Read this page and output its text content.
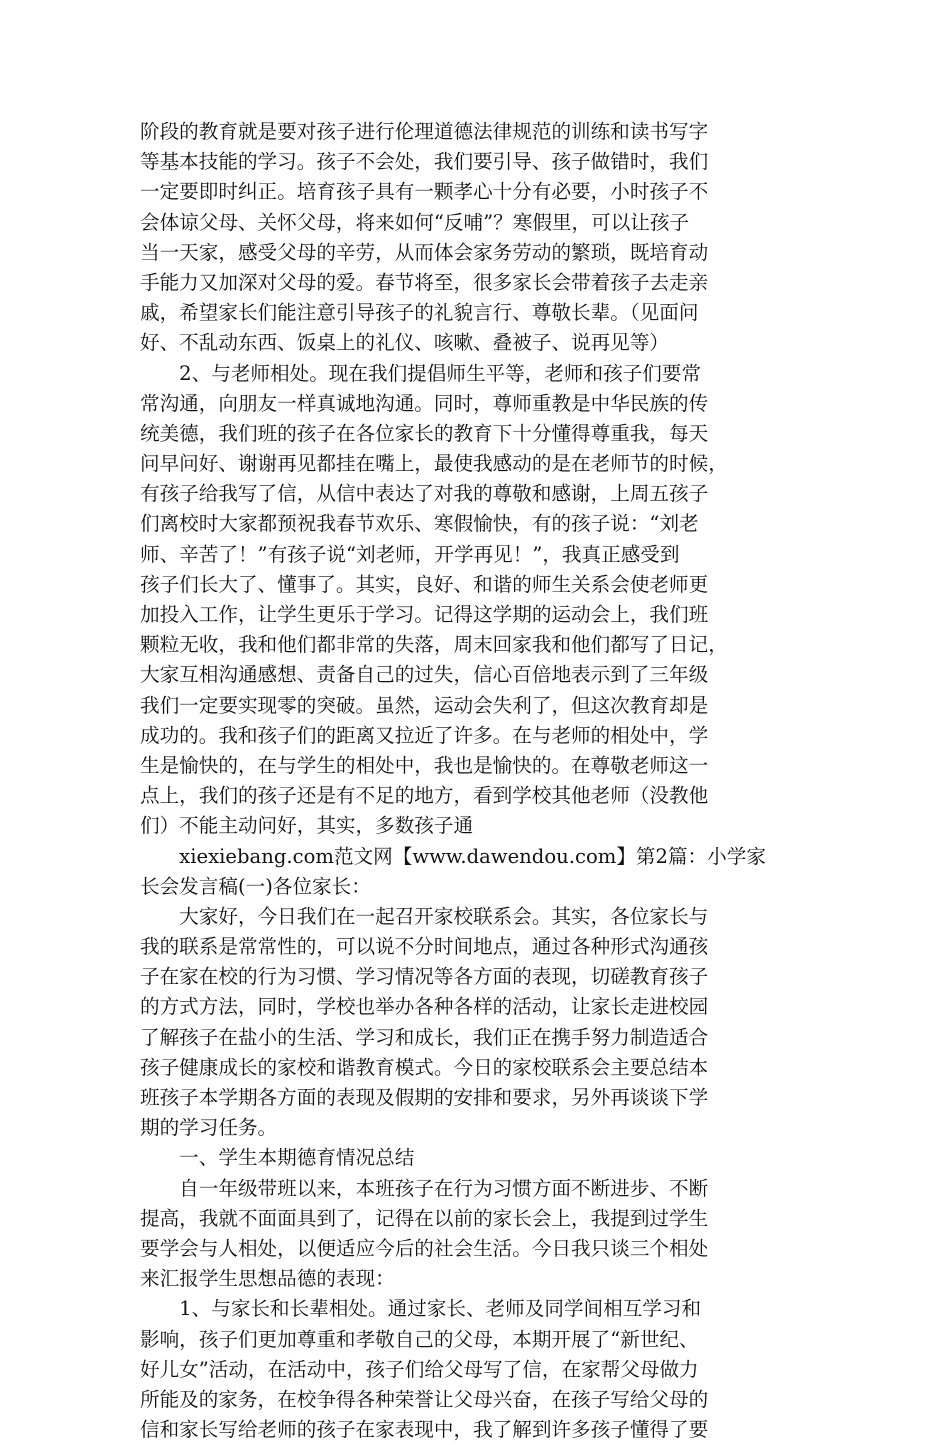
阶段的教育就是要对孩子进行伦理道德法律规范的训练和读书写字
等基本技能的学习。孩子不会处，我们要引导、孩子做错时，我们
一定要即时纠正。培育孩子具有一颗孝心十分有必要，小时孩子不
会体谅父母、关怀父母，将来如何“反哺”？寒假里，可以让孩子
当一天家，感受父母的辛劳，从而体会家务劳动的繁琐，既培育动
手能力又加深对父母的爱。春节将至，很多家长会带着孩子去走亲
戚，希望家长们能注意引导孩子的礼貌言行、尊敬长辈。（见面问
好、不乱动东西、饭桌上的礼仪、咳嗽、叠被子、说再见等）
　　2、与老师相处。现在我们提倡师生平等，老师和孩子们要常
常沟通，向朋友一样真诚地沟通。同时，尊师重教是中华民族的传
统美德，我们班的孩子在各位家长的教育下十分懂得尊重我，每天
问早问好、谢谢再见都挂在嘴上，最使我感动的是在老师节的时候，
有孩子给我写了信，从信中表达了对我的尊敬和感谢，上周五孩子
们离校时大家都预祝我春节欢乐、寒假愉快，有的孩子说：“刘老
师、辛苦了！”有孩子说“刘老师，开学再见！”，我真正感受到
孩子们长大了、懂事了。其实，良好、和谐的师生关系会使老师更
加投入工作，让学生更乐于学习。记得这学期的运动会上，我们班
颗粒无收，我和他们都非常的失落，周末回家我和他们都写了日记，
大家互相沟通感想、责备自己的过失，信心百倍地表示到了三年级
我们一定要实现零的突破。虽然，运动会失利了，但这次教育却是
成功的。我和孩子们的距离又拉近了许多。在与老师的相处中，学
生是愉快的，在与学生的相处中，我也是愉快的。在尊敬老师这一
点上，我们的孩子还是有不足的地方，看到学校其他老师（没教他
们）不能主动问好，其实，多数孩子通
　　xiexiebang.com范文网【www.dawendou.com】第2篇：小学家
长会发言稿(一)各位家长：
　　大家好，今日我们在一起召开家校联系会。其实，各位家长与
我的联系是常常性的，可以说不分时间地点，通过各种形式沟通孩
子在家在校的行为习惯、学习情况等各方面的表现，切磋教育孩子
的方式方法，同时，学校也举办各种各样的活动，让家长走进校园
了解孩子在盐小的生活、学习和成长，我们正在携手努力制造适合
孩子健康成长的家校和谐教育模式。今日的家校联系会主要总结本
班孩子本学期各方面的表现及假期的安排和要求，另外再谈谈下学
期的学习任务。
　　一、学生本期德育情况总结
　　自一年级带班以来，本班孩子在行为习惯方面不断进步、不断
提高，我就不面面具到了，记得在以前的家长会上，我提到过学生
要学会与人相处，以便适应今后的社会生活。今日我只谈三个相处
来汇报学生思想品德的表现：
　　1、与家长和长辈相处。通过家长、老师及同学间相互学习和
影响，孩子们更加尊重和孝敬自己的父母，本期开展了“新世纪、
好儿女”活动，在活动中，孩子们给父母写了信，在家帮父母做力
所能及的家务，在校争得各种荣誉让父母兴奋，在孩子写给父母的
信和家长写给老师的孩子在家表现中，我了解到许多孩子懂得了要
